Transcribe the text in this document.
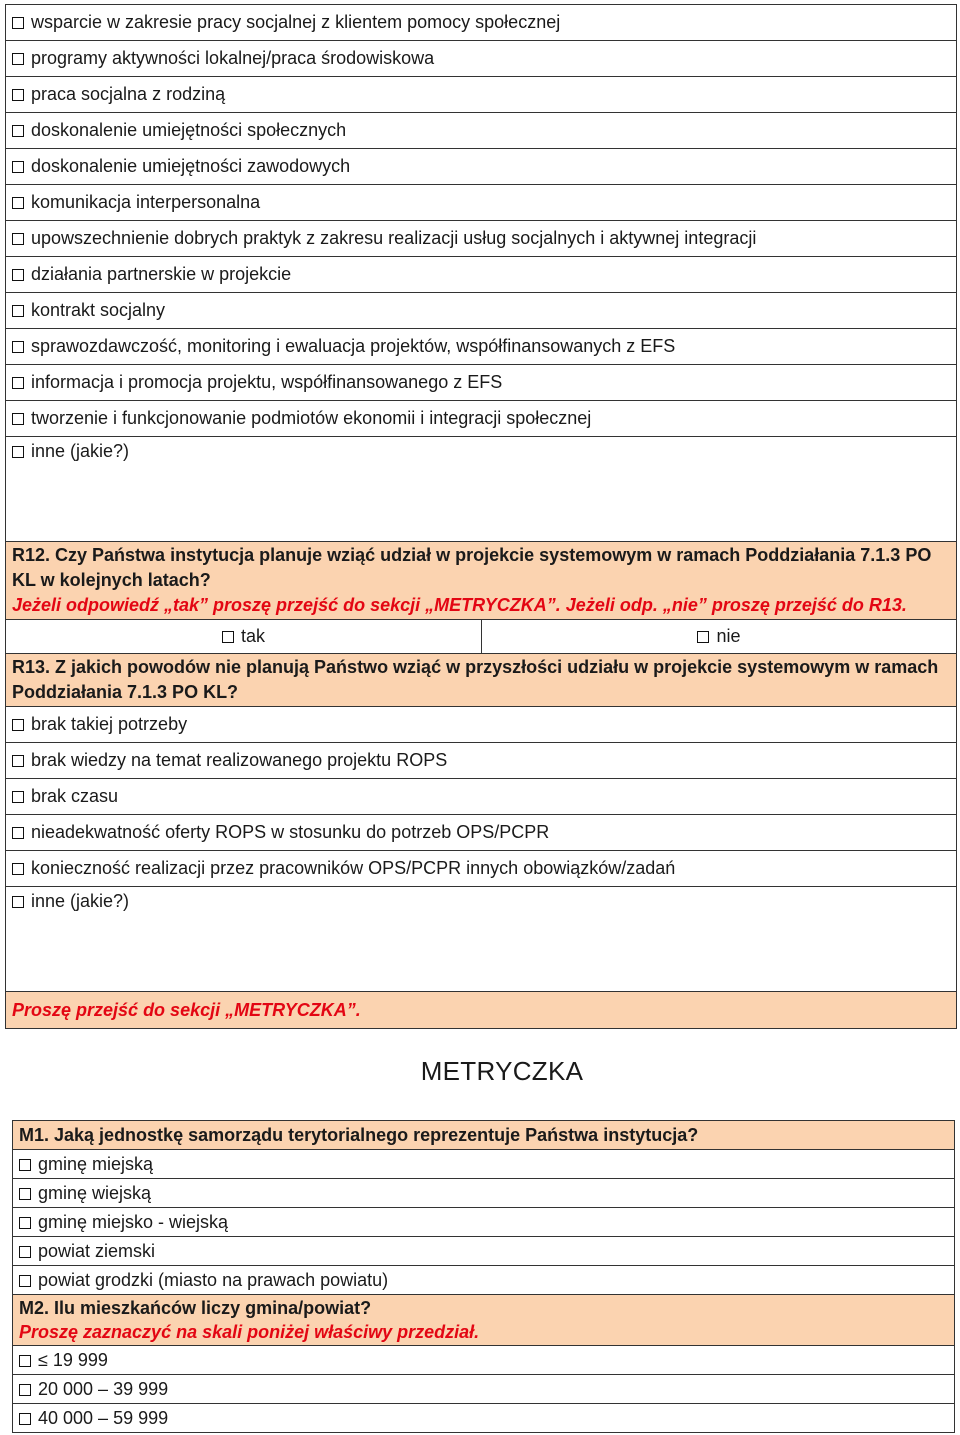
wsparcie w zakresie pracy socjalnej z klientem pomocy społecznej
programy aktywności lokalnej/praca środowiskowa
praca socjalna z rodziną
doskonalenie umiejętności społecznych
doskonalenie umiejętności zawodowych
komunikacja interpersonalna
upowszechnienie dobrych praktyk z zakresu realizacji usług socjalnych i aktywnej integracji
działania partnerskie w projekcie
kontrakt socjalny
sprawozdawczość, monitoring i ewaluacja projektów, współfinansowanych z EFS
informacja i promocja projektu, współfinansowanego z EFS
tworzenie i funkcjonowanie podmiotów ekonomii i integracji społecznej
inne (jakie?)

R12. Czy Państwa instytucja planuje wziąć udział w projekcie systemowym w ramach Poddziałania 7.1.3 PO KL w kolejnych latach?
Jeżeli odpowiedź „tak” proszę przejść do sekcji „METRYCZKA”. Jeżeli odp. „nie” proszę przejść do R13.

tak	nie

R13. Z jakich powodów nie planują Państwo wziąć w przyszłości udziału w projekcie systemowym w ramach Poddziałania 7.1.3 PO KL?

brak takiej potrzeby
brak wiedzy na temat realizowanego projektu ROPS
brak czasu
nieadekwatność oferty ROPS w stosunku do potrzeb OPS/PCPR
konieczność realizacji przez pracowników OPS/PCPR innych obowiązków/zadań
inne (jakie?)
Proszę przejść do sekcji „METRYCZKA”.
METRYCZKA
M1. Jaką jednostkę samorządu terytorialnego reprezentuje Państwa instytucja?
gminę miejską
gminę wiejską
gminę miejsko - wiejską
powiat ziemski
powiat grodzki (miasto na prawach powiatu)

M2. Ilu mieszkańców liczy gmina/powiat?
Proszę zaznaczyć na skali poniżej właściwy przedział.

≤ 19 999
20 000 – 39 999
40 000 – 59 999
